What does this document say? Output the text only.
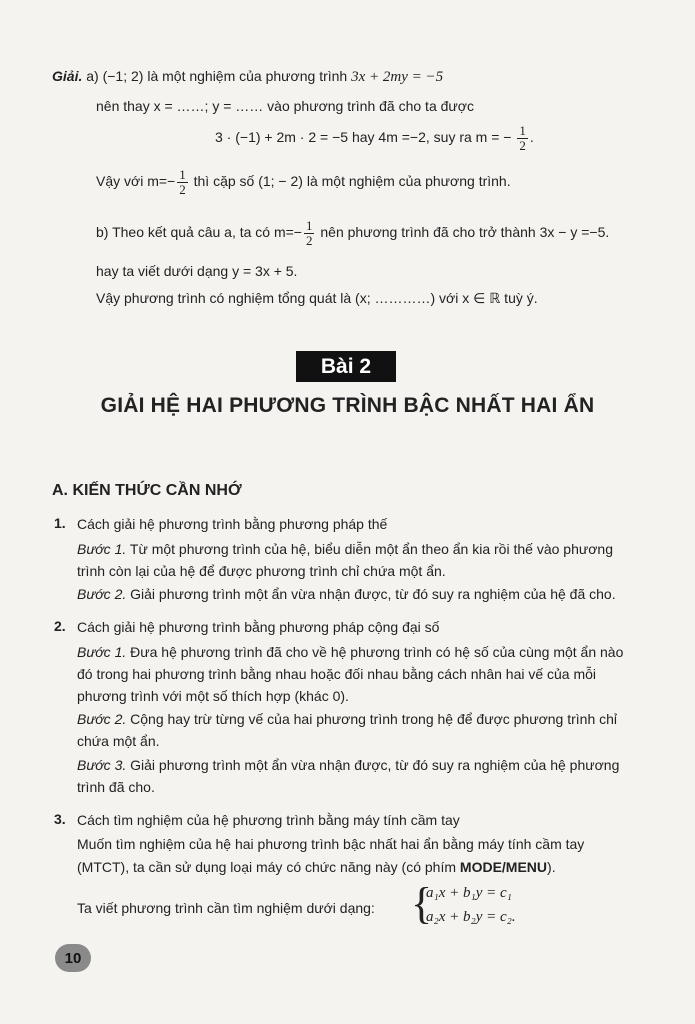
Giải. a) (−1; 2) là một nghiệm của phương trình 3x + 2my = −5
nên thay x = ……; y = …… vào phương trình đã cho ta được
3 · (−1) + 2m · 2 = −5 hay 4m =−2, suy ra m = − $\frac{1}{2}$ .
Vậy với $m=- \frac{1}{2}$ thì cặp số (1; − 2) là một nghiệm của phương trình.
b) Theo kết quả câu a, ta có $m=- \frac{1}{2}$ nên phương trình đã cho trở thành 3x − y =−5.
hay ta viết dưới dạng y = 3x + 5.
Vậy phương trình có nghiệm tổng quát là (x; …………) với x ∈ ℝ tuỳ ý.
Bài 2
GIẢI HỆ HAI PHƯƠNG TRÌNH BẬC NHẤT HAI ẨN
A. KIẾN THỨC CẦN NHỚ
1. Cách giải hệ phương trình bằng phương pháp thế
Bước 1. Từ một phương trình của hệ, biểu diễn một ẩn theo ẩn kia rồi thế vào phương
trình còn lại của hệ để được phương trình chỉ chứa một ẩn.
Bước 2. Giải phương trình một ẩn vừa nhận được, từ đó suy ra nghiệm của hệ đã cho.
2. Cách giải hệ phương trình bằng phương pháp cộng đại số
Bước 1. Đưa hệ phương trình đã cho về hệ phương trình có hệ số của cùng một ẩn nào
đó trong hai phương trình bằng nhau hoặc đối nhau bằng cách nhân hai vế của mỗi
phương trình với một số thích hợp (khác 0).
Bước 2. Cộng hay trừ từng vế của hai phương trình trong hệ để được phương trình chỉ
chứa một ẩn.
Bước 3. Giải phương trình một ẩn vừa nhận được, từ đó suy ra nghiệm của hệ phương
trình đã cho.
3. Cách tìm nghiệm của hệ phương trình bằng máy tính cầm tay
Muốn tìm nghiệm của hệ hai phương trình bậc nhất hai ẩn bằng máy tính cầm tay
(MTCT), ta cần sử dụng loại máy có chức năng này (có phím MODE/MENU).
Ta viết phương trình cần tìm nghiệm dưới dạng: {
a₁x + b₁y = c₁
a₂x + b₂y = c₂.
10
